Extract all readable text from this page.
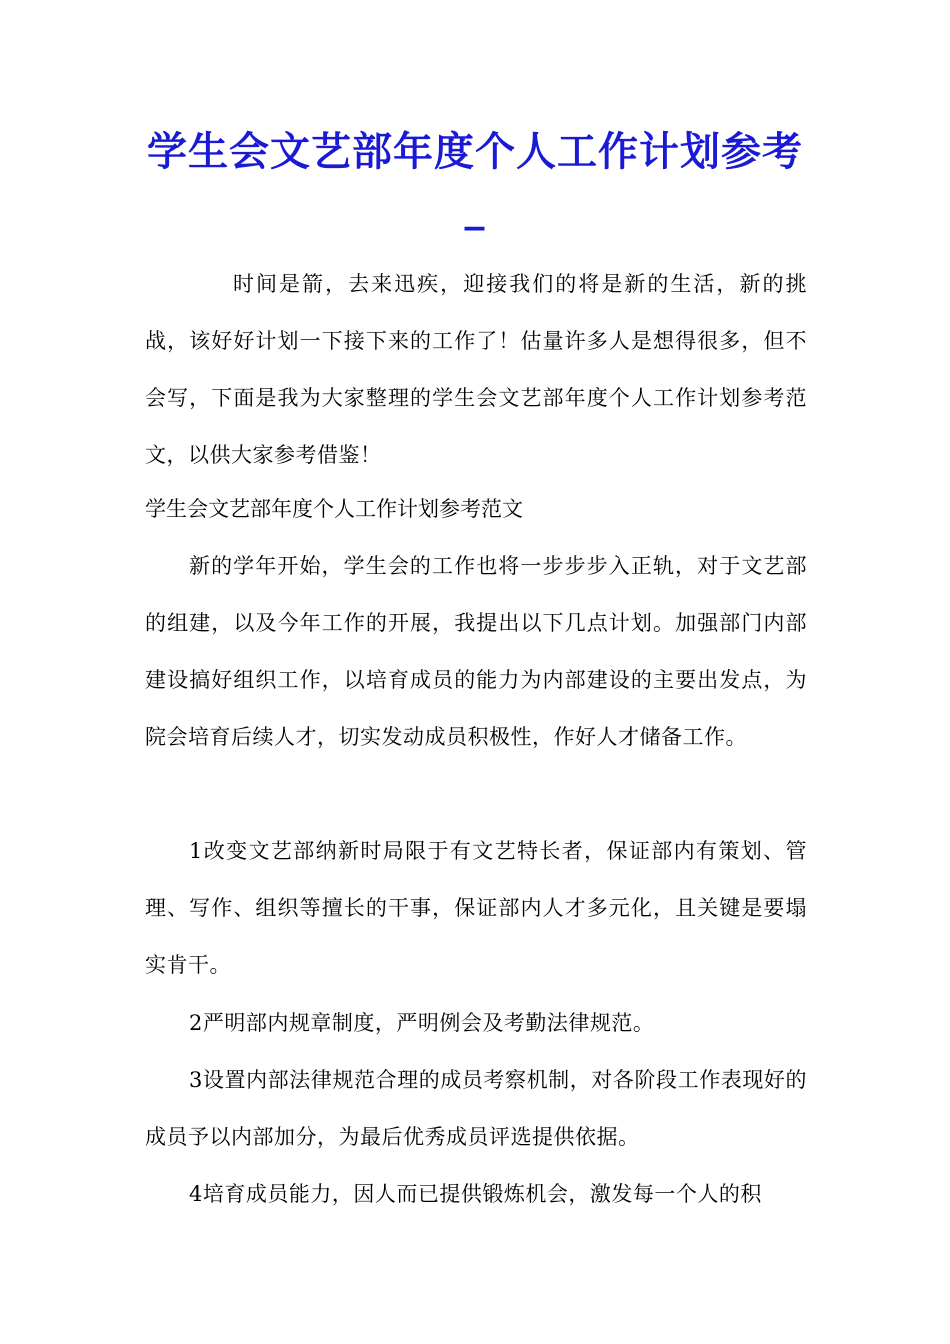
学生会文艺部年度个人工作计划参考_

时间是箭，去来迅疾，迎接我们的将是新的生活，新的挑战，该好好计划一下接下来的工作了！估量许多人是想得很多，但不会写，下面是我为大家整理的学生会文艺部年度个人工作计划参考范文，以供大家参考借鉴！

学生会文艺部年度个人工作计划参考范文

新的学年开始，学生会的工作也将一步步步入正轨，对于文艺部的组建，以及今年工作的开展，我提出以下几点计划。加强部门内部建设搞好组织工作，以培育成员的能力为内部建设的主要出发点，为院会培育后续人才，切实发动成员积极性，作好人才储备工作。

1改变文艺部纳新时局限于有文艺特长者，保证部内有策划、管理、写作、组织等擅长的干事，保证部内人才多元化，且关键是要塌实肯干。

2严明部内规章制度，严明例会及考勤法律规范。

3设置内部法律规范合理的成员考察机制，对各阶段工作表现好的成员予以内部加分，为最后优秀成员评选提供依据。

4培育成员能力，因人而已提供锻炼机会，激发每一个人的积
